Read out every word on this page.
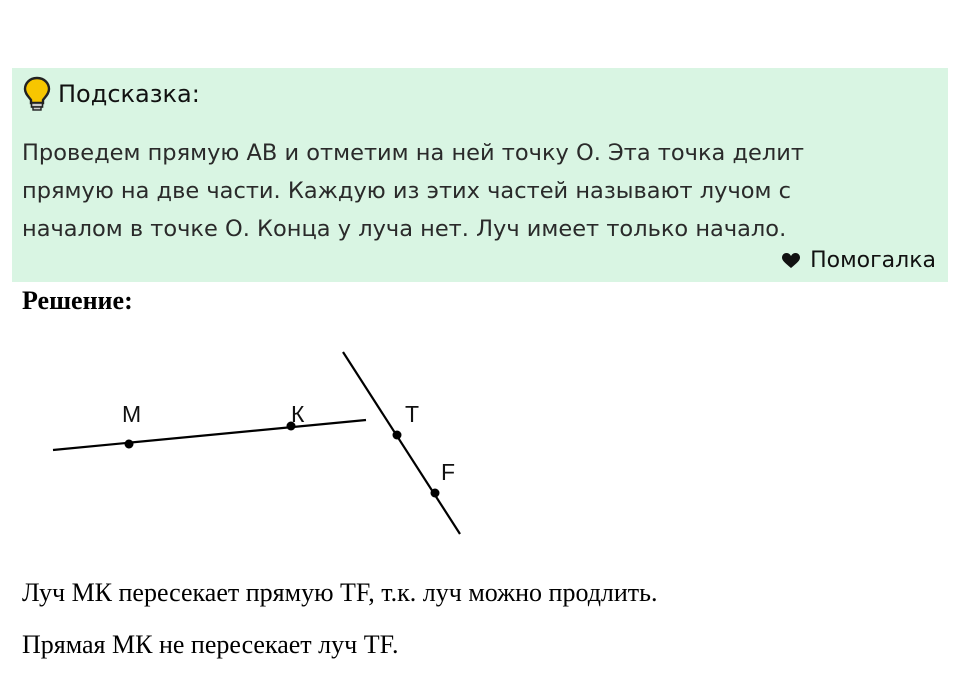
Подсказка:

Проведем прямую АВ и отметим на ней точку О. Эта точка делит
прямую на две части. Каждую из этих частей называют лучом с
началом в точке О. Конца у луча нет. Луч имеет только начало.

Помогалка
Решение:
М	К	Т
F

Луч МК пересекает прямую TF, т.к. луч можно продлить.

Прямая МК не пересекает луч TF.
